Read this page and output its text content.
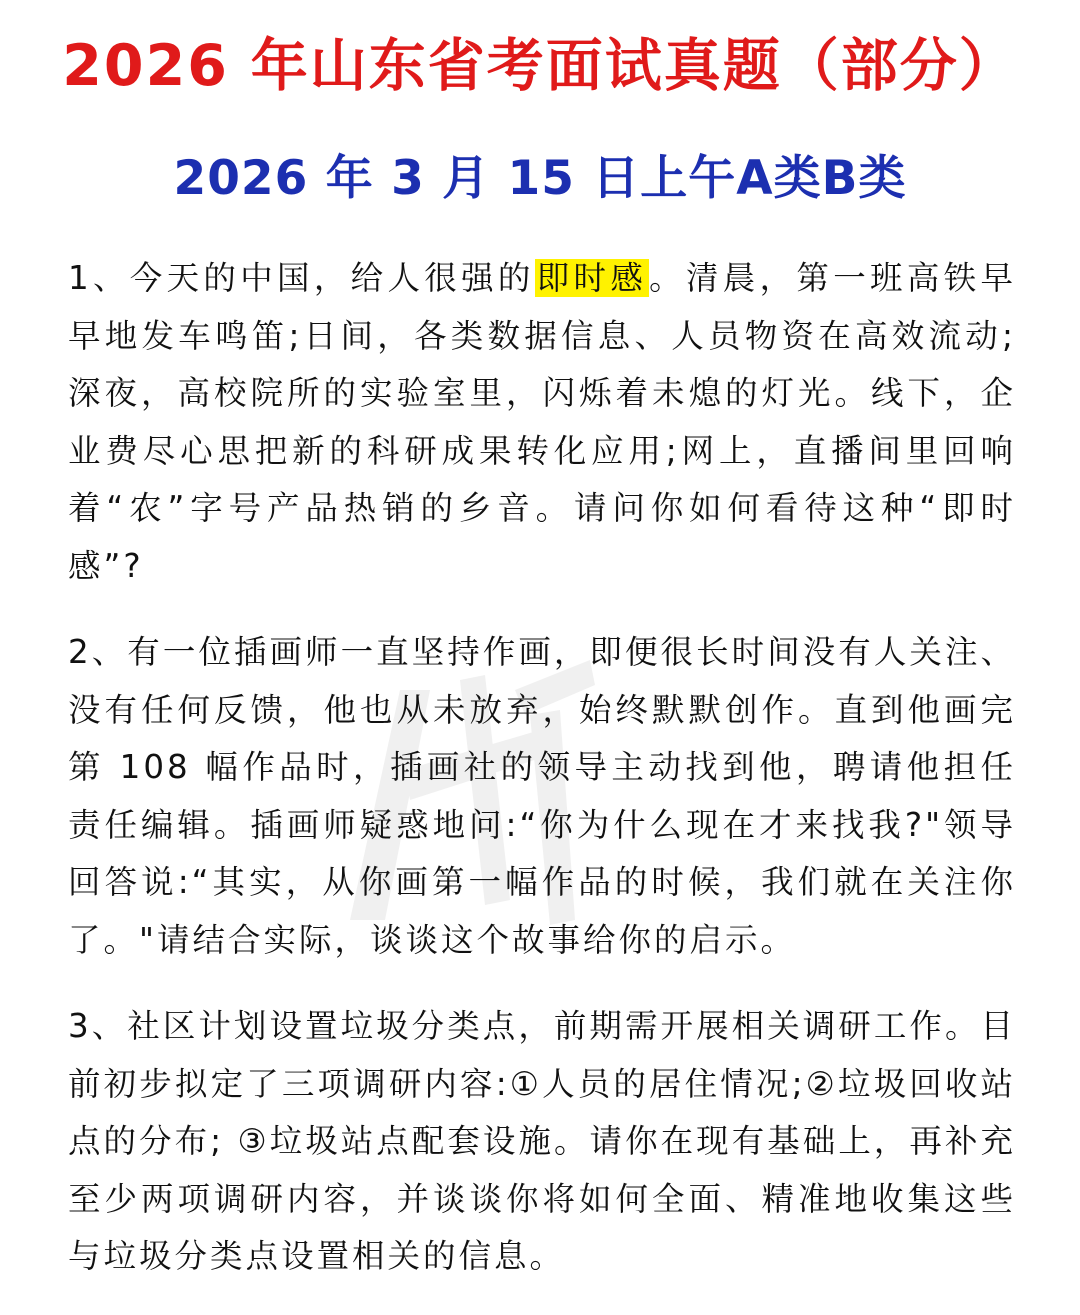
2026 年山东省考面试真题（部分）
2026 年 3 月 15 日上午A类B类

1、今天的中国，给人很强的即时感。清晨，第一班高铁早早地发车鸣笛;日间，各类数据信息、人员物资在高效流动;深夜，高校院所的实验室里，闪烁着未熄的灯光。线下，企业费尽心思把新的科研成果转化应用;网上，直播间里回响着“农”字号产品热销的乡音。请问你如何看待这种“即时感”?

2、有一位插画师一直坚持作画，即便很长时间没有人关注、没有任何反馈，他也从未放弃，始终默默创作。直到他画完第 108 幅作品时，插画社的领导主动找到他，聘请他担任责任编辑。插画师疑惑地问:“你为什么现在才来找我?"领导回答说:“其实，从你画第一幅作品的时候，我们就在关注你了。"请结合实际，谈谈这个故事给你的启示。

3、社区计划设置垃圾分类点，前期需开展相关调研工作。目前初步拟定了三项调研内容:①人员的居住情况;②垃圾回收站点的分布; ③垃圾站点配套设施。请你在现有基础上，再补充至少两项调研内容，并谈谈你将如何全面、精准地收集这些与垃圾分类点设置相关的信息。
